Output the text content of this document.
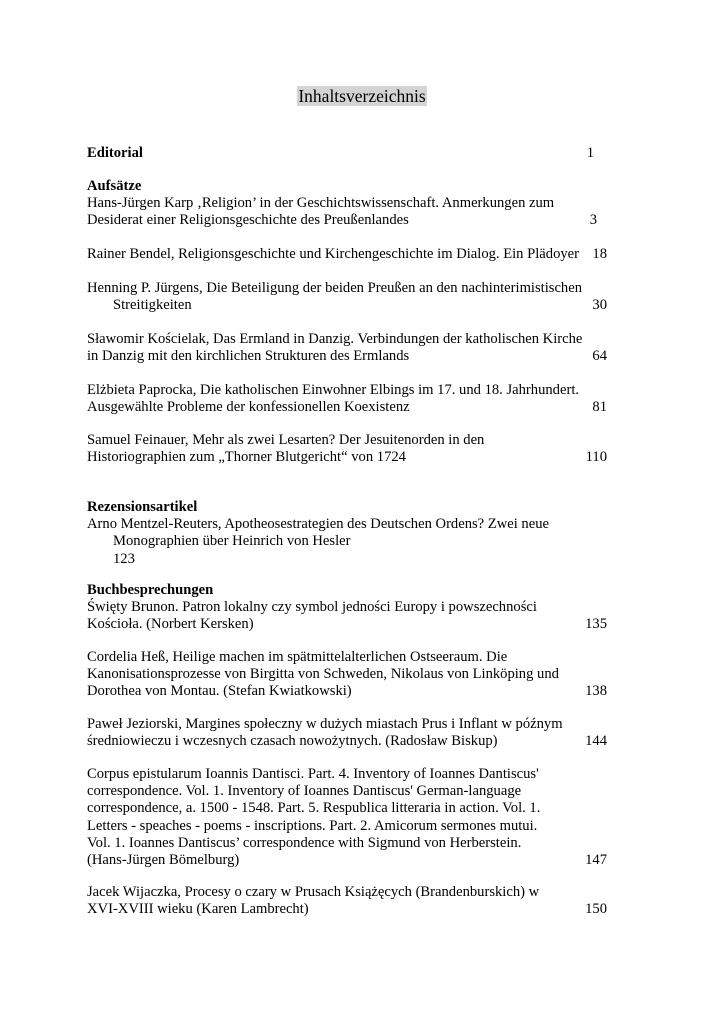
Inhaltsverzeichnis
Editorial	1
Aufsätze
Hans-Jürgen Karp ‚Religion’ in der Geschichtswissenschaft. Anmerkungen zum
Desiderat einer Religionsgeschichte des Preußenlandes	3
Rainer Bendel, Religionsgeschichte und Kirchengeschichte im Dialog. Ein Plädoyer 18
Henning P. Jürgens, Die Beteiligung der beiden Preußen an den nachinterimistischen
Streitigkeiten	30
Sławomir Kościelak, Das Ermland in Danzig. Verbindungen der katholischen Kirche
in Danzig mit den kirchlichen Strukturen des Ermlands	64
Elżbieta Paprocka, Die katholischen Einwohner Elbings im 17. und 18. Jahrhundert.
Ausgewählte Probleme der konfessionellen Koexistenz	81
Samuel Feinauer, Mehr als zwei Lesarten? Der Jesuitenorden in den
Historiographien zum „Thorner Blutgericht“ von 1724	110
Rezensionsartikel
Arno Mentzel-Reuters, Apotheosestrategien des Deutschen Ordens? Zwei neue
Monographien über Heinrich von Hesler
123
Buchbesprechungen
Święty Brunon. Patron lokalny czy symbol jedności Europy i powszechności
Kościoła. (Norbert Kersken)	135
Cordelia Heß, Heilige machen im spätmittelalterlichen Ostseeraum. Die
Kanonisationsprozesse von Birgitta von Schweden, Nikolaus von Linköping und
Dorothea von Montau. (Stefan Kwiatkowski)	138
Paweł Jeziorski, Margines społeczny w dużych miastach Prus i Inflant w późnym
średniowieczu i wczesnych czasach nowożytnych. (Radosław Biskup)	144
Corpus epistularum Ioannis Dantisci. Part. 4. Inventory of Ioannes Dantiscus'
correspondence. Vol. 1. Inventory of Ioannes Dantiscus' German-language
correspondence, a. 1500 - 1548. Part. 5. Respublica litteraria in action. Vol. 1.
Letters - speaches - poems - inscriptions. Part. 2. Amicorum sermones mutui.
Vol. 1. Ioannes Dantiscus’ correspondence with Sigmund von Herberstein.
(Hans-Jürgen Bömelburg)	147
Jacek Wijaczka, Procesy o czary w Prusach Książęcych (Brandenburskich) w
XVI-XVIII wieku (Karen Lambrecht)	150
